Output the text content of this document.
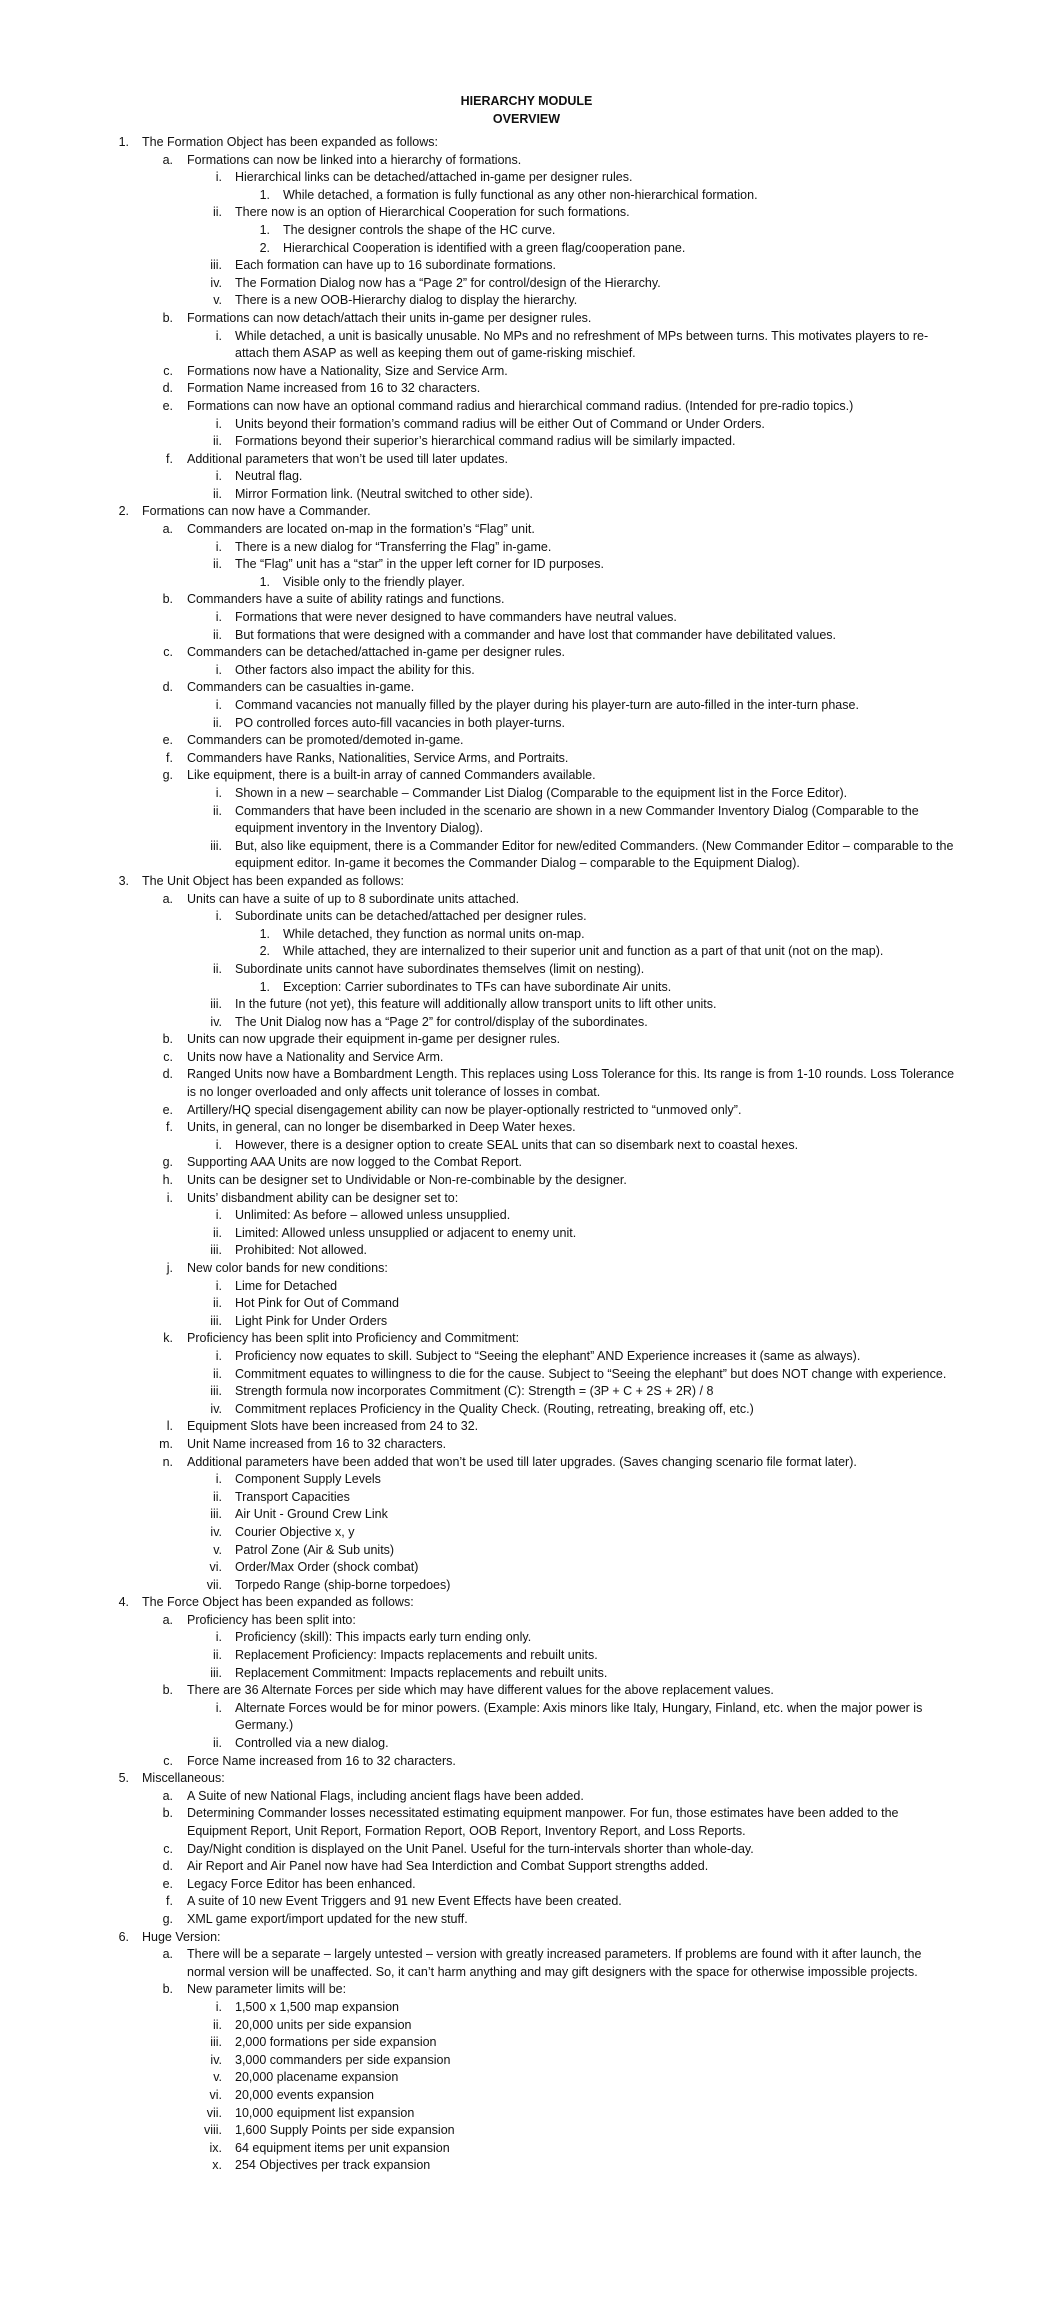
HIERARCHY MODULE

OVERVIEW

1. The Formation Object has been expanded as follows:
a. Formations can now be linked into a hierarchy of formations.
i. Hierarchical links can be detached/attached in-game per designer rules.
1. While detached, a formation is fully functional as any other non-hierarchical formation.
ii. There now is an option of Hierarchical Cooperation for such formations.
1. The designer controls the shape of the HC curve.
2. Hierarchical Cooperation is identified with a green flag/cooperation pane.
iii. Each formation can have up to 16 subordinate formations.
iv. The Formation Dialog now has a “Page 2” for control/design of the Hierarchy.
v. There is a new OOB-Hierarchy dialog to display the hierarchy.
b. Formations can now detach/attach their units in-game per designer rules.
i. While detached, a unit is basically unusable. No MPs and no refreshment of MPs between turns. This motivates players to re-attach them ASAP as well as keeping them out of game-risking mischief.
c. Formations now have a Nationality, Size and Service Arm.
d. Formation Name increased from 16 to 32 characters.
e. Formations can now have an optional command radius and hierarchical command radius. (Intended for pre-radio topics.)
i. Units beyond their formation’s command radius will be either Out of Command or Under Orders.
ii. Formations beyond their superior’s hierarchical command radius will be similarly impacted.
f. Additional parameters that won’t be used till later updates.
i. Neutral flag.
ii. Mirror Formation link. (Neutral switched to other side).
2. Formations can now have a Commander.
a. Commanders are located on-map in the formation’s “Flag” unit.
i. There is a new dialog for “Transferring the Flag” in-game.
ii. The “Flag” unit has a “star” in the upper left corner for ID purposes.
1. Visible only to the friendly player.
b. Commanders have a suite of ability ratings and functions.
i. Formations that were never designed to have commanders have neutral values.
ii. But formations that were designed with a commander and have lost that commander have debilitated values.
c. Commanders can be detached/attached in-game per designer rules.
i. Other factors also impact the ability for this.
d. Commanders can be casualties in-game.
i. Command vacancies not manually filled by the player during his player-turn are auto-filled in the inter-turn phase.
ii. PO controlled forces auto-fill vacancies in both player-turns.
e. Commanders can be promoted/demoted in-game.
f. Commanders have Ranks, Nationalities, Service Arms, and Portraits.
g. Like equipment, there is a built-in array of canned Commanders available.
i. Shown in a new – searchable – Commander List Dialog (Comparable to the equipment list in the Force Editor).
ii. Commanders that have been included in the scenario are shown in a new Commander Inventory Dialog (Comparable to the equipment inventory in the Inventory Dialog).
iii. But, also like equipment, there is a Commander Editor for new/edited Commanders. (New Commander Editor – comparable to the equipment editor. In-game it becomes the Commander Dialog – comparable to the Equipment Dialog).
3. The Unit Object has been expanded as follows:
a. Units can have a suite of up to 8 subordinate units attached.
i. Subordinate units can be detached/attached per designer rules.
1. While detached, they function as normal units on-map.
2. While attached, they are internalized to their superior unit and function as a part of that unit (not on the map).
ii. Subordinate units cannot have subordinates themselves (limit on nesting).
1. Exception: Carrier subordinates to TFs can have subordinate Air units.
iii. In the future (not yet), this feature will additionally allow transport units to lift other units.
iv. The Unit Dialog now has a “Page 2” for control/display of the subordinates.
b. Units can now upgrade their equipment in-game per designer rules.
c. Units now have a Nationality and Service Arm.
d. Ranged Units now have a Bombardment Length. This replaces using Loss Tolerance for this. Its range is from 1-10 rounds. Loss Tolerance is no longer overloaded and only affects unit tolerance of losses in combat.
e. Artillery/HQ special disengagement ability can now be player-optionally restricted to “unmoved only”.
f. Units, in general, can no longer be disembarked in Deep Water hexes.
i. However, there is a designer option to create SEAL units that can so disembark next to coastal hexes.
g. Supporting AAA Units are now logged to the Combat Report.
h. Units can be designer set to Undividable or Non-re-combinable by the designer.
i. Units’ disbandment ability can be designer set to:
i. Unlimited: As before – allowed unless unsupplied.
ii. Limited: Allowed unless unsupplied or adjacent to enemy unit.
iii. Prohibited: Not allowed.
j. New color bands for new conditions:
i. Lime for Detached
ii. Hot Pink for Out of Command
iii. Light Pink for Under Orders
k. Proficiency has been split into Proficiency and Commitment:
i. Proficiency now equates to skill. Subject to “Seeing the elephant” AND Experience increases it (same as always).
ii. Commitment equates to willingness to die for the cause. Subject to “Seeing the elephant” but does NOT change with experience.
iii. Strength formula now incorporates Commitment (C): Strength = (3P + C + 2S + 2R) / 8
iv. Commitment replaces Proficiency in the Quality Check. (Routing, retreating, breaking off, etc.)
l. Equipment Slots have been increased from 24 to 32.
m. Unit Name increased from 16 to 32 characters.
n. Additional parameters have been added that won’t be used till later upgrades. (Saves changing scenario file format later).
i. Component Supply Levels
ii. Transport Capacities
iii. Air Unit - Ground Crew Link
iv. Courier Objective x, y
v. Patrol Zone (Air & Sub units)
vi. Order/Max Order (shock combat)
vii. Torpedo Range (ship-borne torpedoes)
4. The Force Object has been expanded as follows:
a. Proficiency has been split into:
i. Proficiency (skill): This impacts early turn ending only.
ii. Replacement Proficiency: Impacts replacements and rebuilt units.
iii. Replacement Commitment: Impacts replacements and rebuilt units.
b. There are 36 Alternate Forces per side which may have different values for the above replacement values.
i. Alternate Forces would be for minor powers. (Example: Axis minors like Italy, Hungary, Finland, etc. when the major power is Germany.)
ii. Controlled via a new dialog.
c. Force Name increased from 16 to 32 characters.
5. Miscellaneous:
a. A Suite of new National Flags, including ancient flags have been added.
b. Determining Commander losses necessitated estimating equipment manpower. For fun, those estimates have been added to the Equipment Report, Unit Report, Formation Report, OOB Report, Inventory Report, and Loss Reports.
c. Day/Night condition is displayed on the Unit Panel. Useful for the turn-intervals shorter than whole-day.
d. Air Report and Air Panel now have had Sea Interdiction and Combat Support strengths added.
e. Legacy Force Editor has been enhanced.
f. A suite of 10 new Event Triggers and 91 new Event Effects have been created.
g. XML game export/import updated for the new stuff.
6. Huge Version:
a. There will be a separate – largely untested – version with greatly increased parameters. If problems are found with it after launch, the normal version will be unaffected. So, it can’t harm anything and may gift designers with the space for otherwise impossible projects.
b. New parameter limits will be:
i. 1,500 x 1,500 map expansion
ii. 20,000 units per side expansion
iii. 2,000 formations per side expansion
iv. 3,000 commanders per side expansion
v. 20,000 placename expansion
vi. 20,000 events expansion
vii. 10,000 equipment list expansion
viii. 1,600 Supply Points per side expansion
ix. 64 equipment items per unit expansion
x. 254 Objectives per track expansion
